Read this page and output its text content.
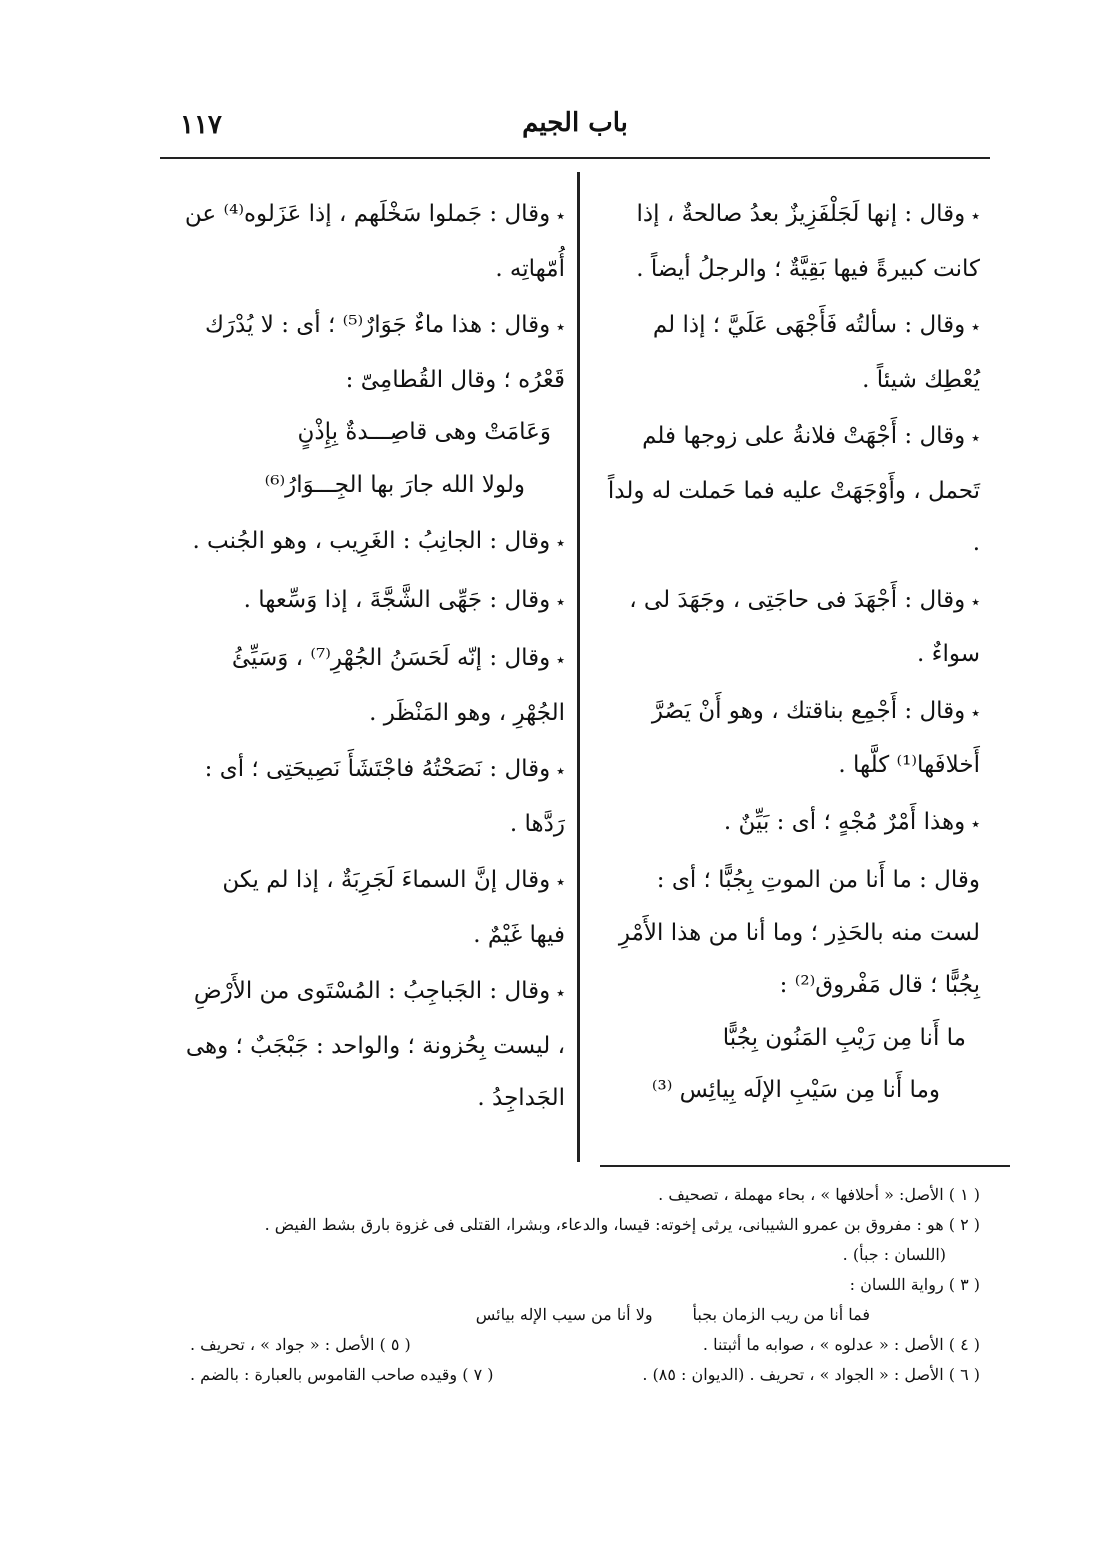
باب الجيم
١١٧

٭وقال : إنها لَجَلْفَزِيزٌ بعدُ صالحةٌ ، إذا كانت كبيرةً فيها بَقِيَّةٌ ؛ والرجلُ أيضاً .

٭وقال : سألتُه فَأَجْهَى عَلَيَّ ؛ إذا لم يُعْطِك شيئاً .

٭وقال : أَجْهَتْ فلانةُ على زوجها فلم تَحمل ، وأَوْجَهَتْ عليه فما حَملت له ولداً .

٭وقال : أَجْهَدَ فى حاجَتِى ، وجَهَدَ لى ، سواءٌ .

٭وقال : أَجْمِع بناقتك ، وهو أَنْ يَصُرَّ أَخلافَها⁽¹⁾ كلَّها .

٭وهذا أَمْرٌ مُجْهٍ ؛ أى : بَيِّنٌ .

وقال : ما أَنا من الموتِ بِجُبًّا ؛ أى : لست منه بالحَذِر ؛ وما أنا من هذا الأَمْرِ بِجُبًّا ؛ قال مَفْروق⁽²⁾ :
ما أَنا مِن رَيْبِ المَنُون بِجُبًّا
وما أَنا مِن سَيْبِ الإلَه بِيائِس ⁽³⁾

٭وقال : جَملوا سَخْلَهم ، إذا عَزَلوه⁽⁴⁾ عن أُمّهاتِه .

٭وقال : هذا ماءٌ جَوَارٌ⁽⁵⁾ ؛ أى : لا يُدْرَك قَعْرُه ؛ وقال القُطامِىّ :
وَعَامَتْ وهى قاصِـــدةٌ بِإِذْنٍ
ولولا الله جارَ بها الجِـــوَارُ⁽⁶⁾

٭وقال : الجانِبُ : الغَرِيب ، وهو الجُنب .

٭وقال : جَهِّى الشَّجَّةَ ، إذا وَسِّعها .

٭وقال : إنّه لَحَسَنُ الجُهْرِ⁽⁷⁾ ، وَسَيِّئُ الجُهْرِ ، وهو المَنْظَر .

٭وقال : نَصَحْتُهُ فاجْتَشَأَ نَصِيحَتِى ؛ أى : رَدَّها .

٭وقال إنَّ السماءَ لَجَرِبَةٌ ، إذا لم يكن فيها غَيْمٌ .

٭وقال : الجَباجِبُ : المُسْتَوى من الأَرْضِ ، ليست بِحُزونة ؛ والواحد : جَبْجَبٌ ؛ وهى الجَداجِدُ .

( ١ ) الأصل: « أحلافها » ، بحاء مهملة ، تصحيف .

( ٢ ) هو : مفروق بن عمرو الشيبانى، يرثى إخوته: قيسا، والدعاء، وبشرا، القتلى فى غزوة بارق بشط الفيض .

(اللسان : جبأ) .

( ٣ ) رواية اللسان :

فما أنا من ريب الزمان بجبأ
ولا أنا من سيب الإله بيائس
( ٤ ) الأصل : « عدلوه » ، صوابه ما أثبتنا .
( ٥ ) الأصل : « جواد » ، تحريف .
( ٦ ) الأصل : « الجواد » ، تحريف . (الديوان : ٨٥) .
( ٧ ) وقيده صاحب القاموس بالعبارة : بالضم .
